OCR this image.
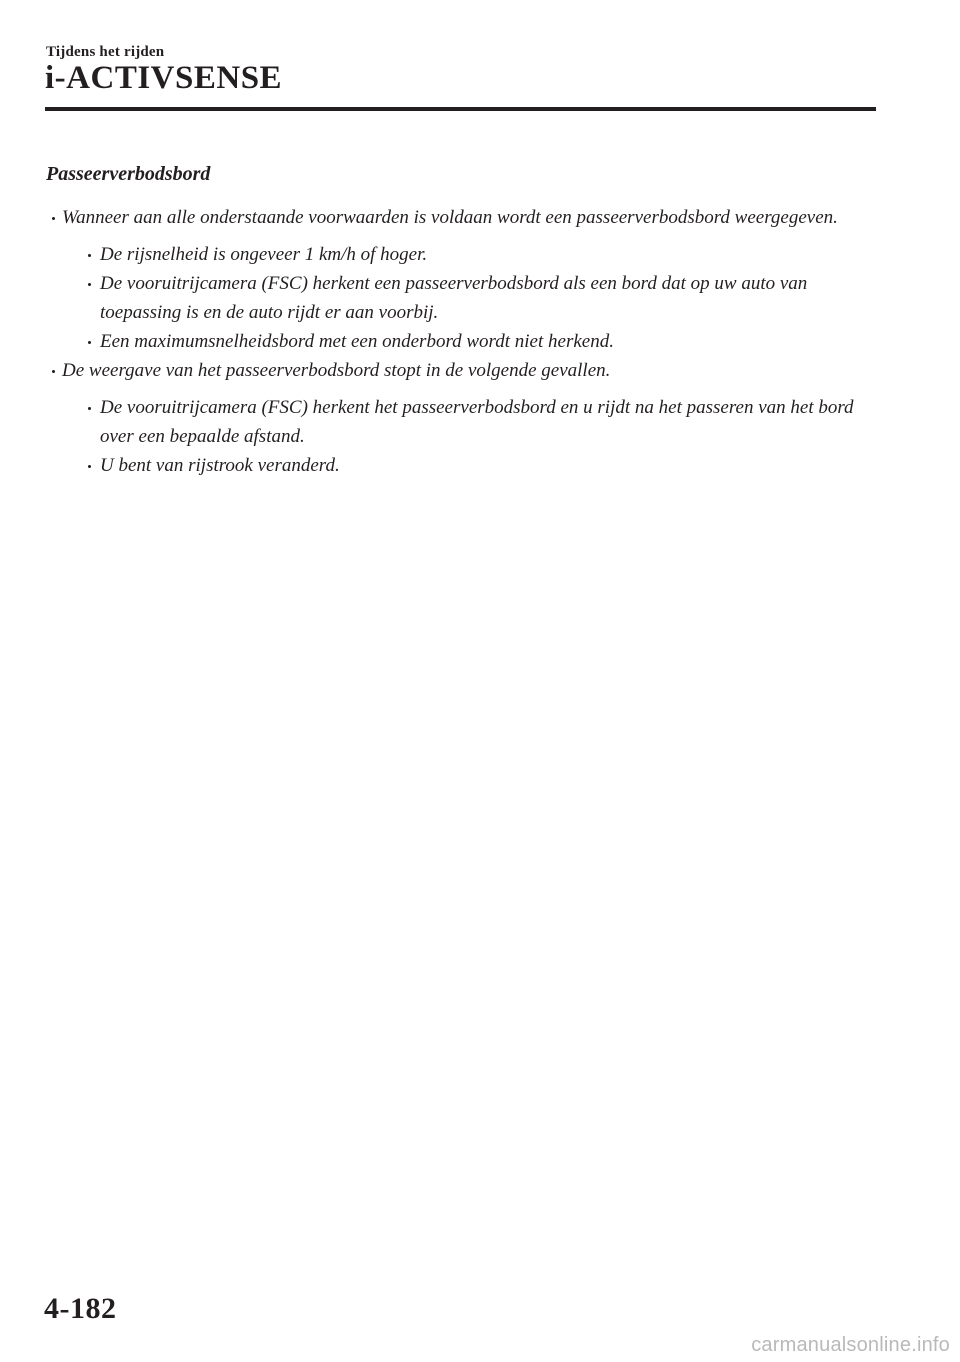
Tijdens het rijden
i-ACTIVSENSE
Passeerverbodsbord
Wanneer aan alle onderstaande voorwaarden is voldaan wordt een passeerverbodsbord weergegeven.
De rijsnelheid is ongeveer 1 km/h of hoger.
De vooruitrijcamera (FSC) herkent een passeerverbodsbord als een bord dat op uw auto van toepassing is en de auto rijdt er aan voorbij.
Een maximumsnelheidsbord met een onderbord wordt niet herkend.
De weergave van het passeerverbodsbord stopt in de volgende gevallen.
De vooruitrijcamera (FSC) herkent het passeerverbodsbord en u rijdt na het passeren van het bord over een bepaalde afstand.
U bent van rijstrook veranderd.
4-182
carmanualsonline.info
